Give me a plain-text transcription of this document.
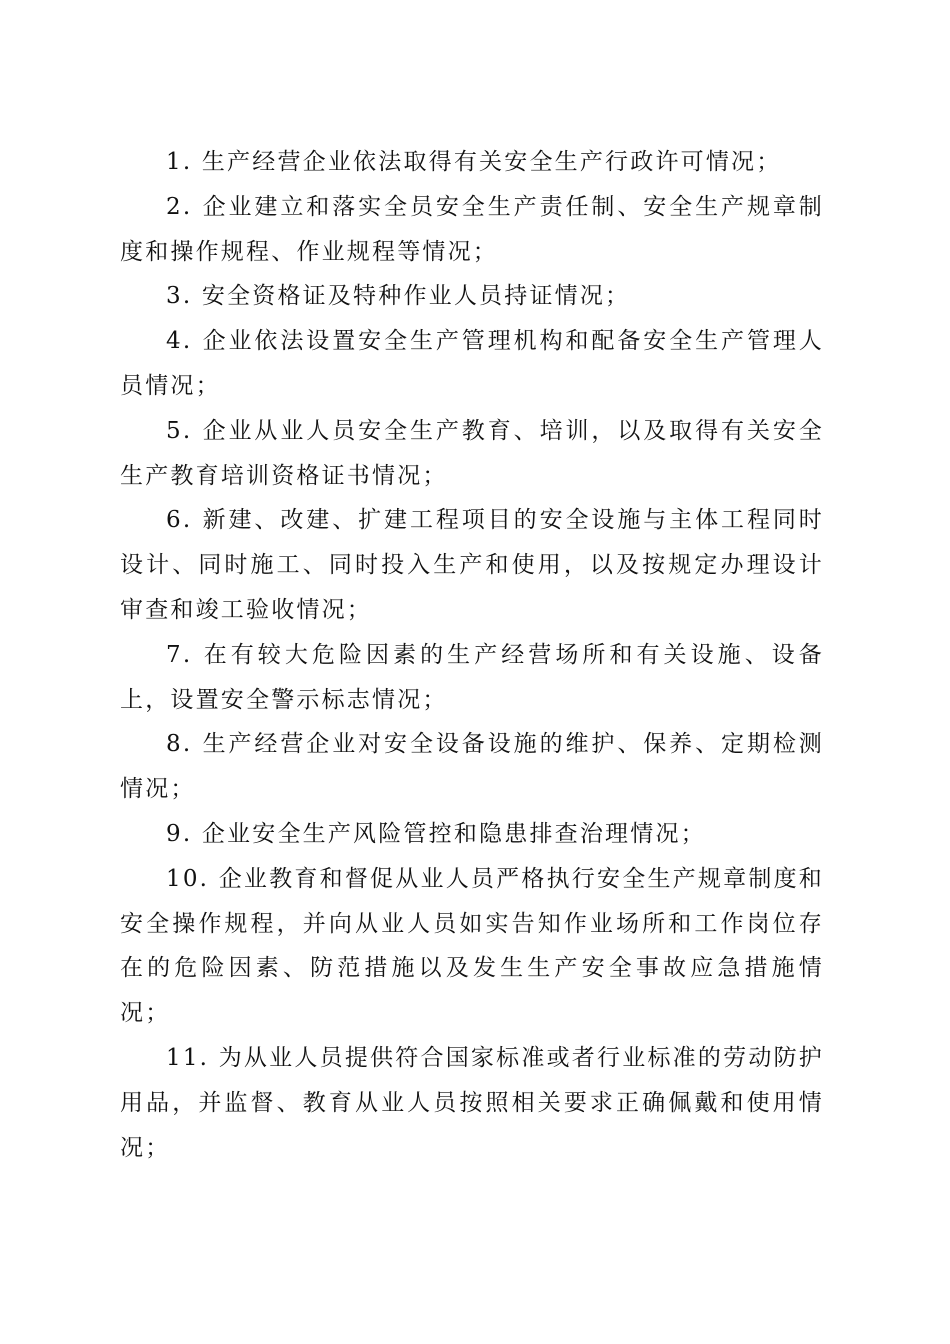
1. 生产经营企业依法取得有关安全生产行政许可情况；

2. 企业建立和落实全员安全生产责任制、安全生产规章制度和操作规程、作业规程等情况；

3. 安全资格证及特种作业人员持证情况；

4. 企业依法设置安全生产管理机构和配备安全生产管理人员情况；

5. 企业从业人员安全生产教育、培训，以及取得有关安全生产教育培训资格证书情况；

6. 新建、改建、扩建工程项目的安全设施与主体工程同时设计、同时施工、同时投入生产和使用，以及按规定办理设计审查和竣工验收情况；

7. 在有较大危险因素的生产经营场所和有关设施、设备上，设置安全警示标志情况；

8. 生产经营企业对安全设备设施的维护、保养、定期检测情况；

9. 企业安全生产风险管控和隐患排查治理情况；

10. 企业教育和督促从业人员严格执行安全生产规章制度和安全操作规程，并向从业人员如实告知作业场所和工作岗位存在的危险因素、防范措施以及发生生产安全事故应急措施情况；

11. 为从业人员提供符合国家标准或者行业标准的劳动防护用品，并监督、教育从业人员按照相关要求正确佩戴和使用情况；
